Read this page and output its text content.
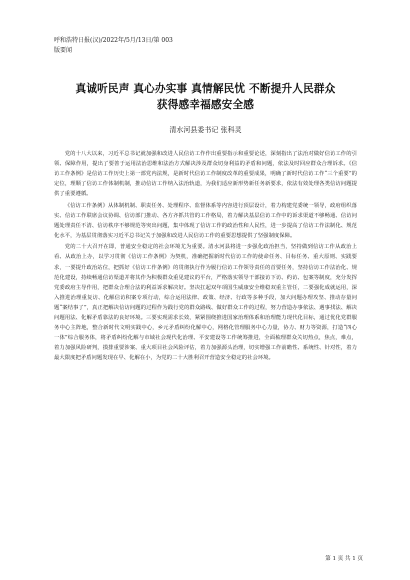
呼和浩特日报(汉)/2022年/5月/13日/第 003
版要闻
真诚听民声 真心办实事 真情解民忧 不断提升人民群众
获得感幸福感安全感
清水河县委书记 张科灵

党的十八大以来，习近平总书记就加强和改进人民信访工作作出重要指示和重要论述，深刻指出了法治对做好信访工作的引领、保障作用，提出了要善于运用法治思维和法治方式解决涉及群众切身利益的矛盾和问题，依法及时回应群众合理诉求。《信访工作条例》是信访工作历史上第一部党内法规，是新时代信访工作制度改革的重要成果，明确了新时代信访工作“三个重要”的定位，理顺了信访工作体制机制，推动信访工作纳入法治轨道，为我们适应新形势新任务新要求，依法有效处理各类信访问题提供了重要遵循。

《信访工作条例》从体制机制、职责任务、处理程序、监督体系等内容进行顶层设计，着力构建党委统一领导，政府组织落实、信访工作联席会议协调、信访部门推动、各方齐抓共管的工作格局，着力解决基层信访工作中的诉求渠道不够畅通、信访问题处理责任不清、信访秩序不够规范等突出问题，集中体现了信访工作的政治性和人民性，进一步提高了信访工作法制化、规范化水平，为基层贯彻落实习近平总书记关于加强和改进人民信访工作的重要思想提供了坚强制度保障。

党的二十大召开在即，普通安全稳定的社会环境尤为重要。清水河县将进一步强化政治担当，坚持做到信访工作从政治上看、从政治上办，以学习贯彻《信访工作条例》为契机，准确把握新时代信访工作的使命任务、目标任务、重大原则、实践要求，一要提升政治站位，把抓好《信访工作条例》的贯彻执行作为履行信访工作领导责任的首要任务，坚持信访工作法治化、规范化建设，持续畅通信访渠道并将其作为积极群众重见建议的平台，严格落实领导干部接访下访、约访、包案等制度，充分发挥党委政府主导作用，把群众合理合法的利益诉求解决好。坚决扛起双年项国生威康安全维稳双重主管任，二要强化成就运用，深入推进治理重复访、化解信访积案专项行动，综合运用法律、政策、经济、行政等多种手段，加大问题办理攻坚、推动存量问题“案结事了”，真正把解决信访问题的过程作为践行党的群众路线、做好群众工作的过程，努力营造办事依法、遇事找法、解决问题用法、化解矛盾靠法的良好环境。三要实现需求长效，紧紧围绕推进国家治理体系和治理能力现代化目标，通过优化党群服务中心主阵地，整合新时代文明实践中心，乡元矛盾纠纷化解中心，网格化管理服务中心力量，协力、财力等资源，打造“四心一体”综合服务体，将矛盾纠纷化解与市域社会现代化治理、平安建设等工作统筹推进，全面梳理群众关切热点，焦点，难点，着力加强风险研判，摸排重要涉案、重大项目社会风险评估，着力加强源头治理，切实增强工作前瞻性、系统性、针对性，着力最大限度把矛盾问题发现在早、化解在小，为党的二十大胜利召开营造安全稳定的社会环境。

第 1 页 共 1 页
